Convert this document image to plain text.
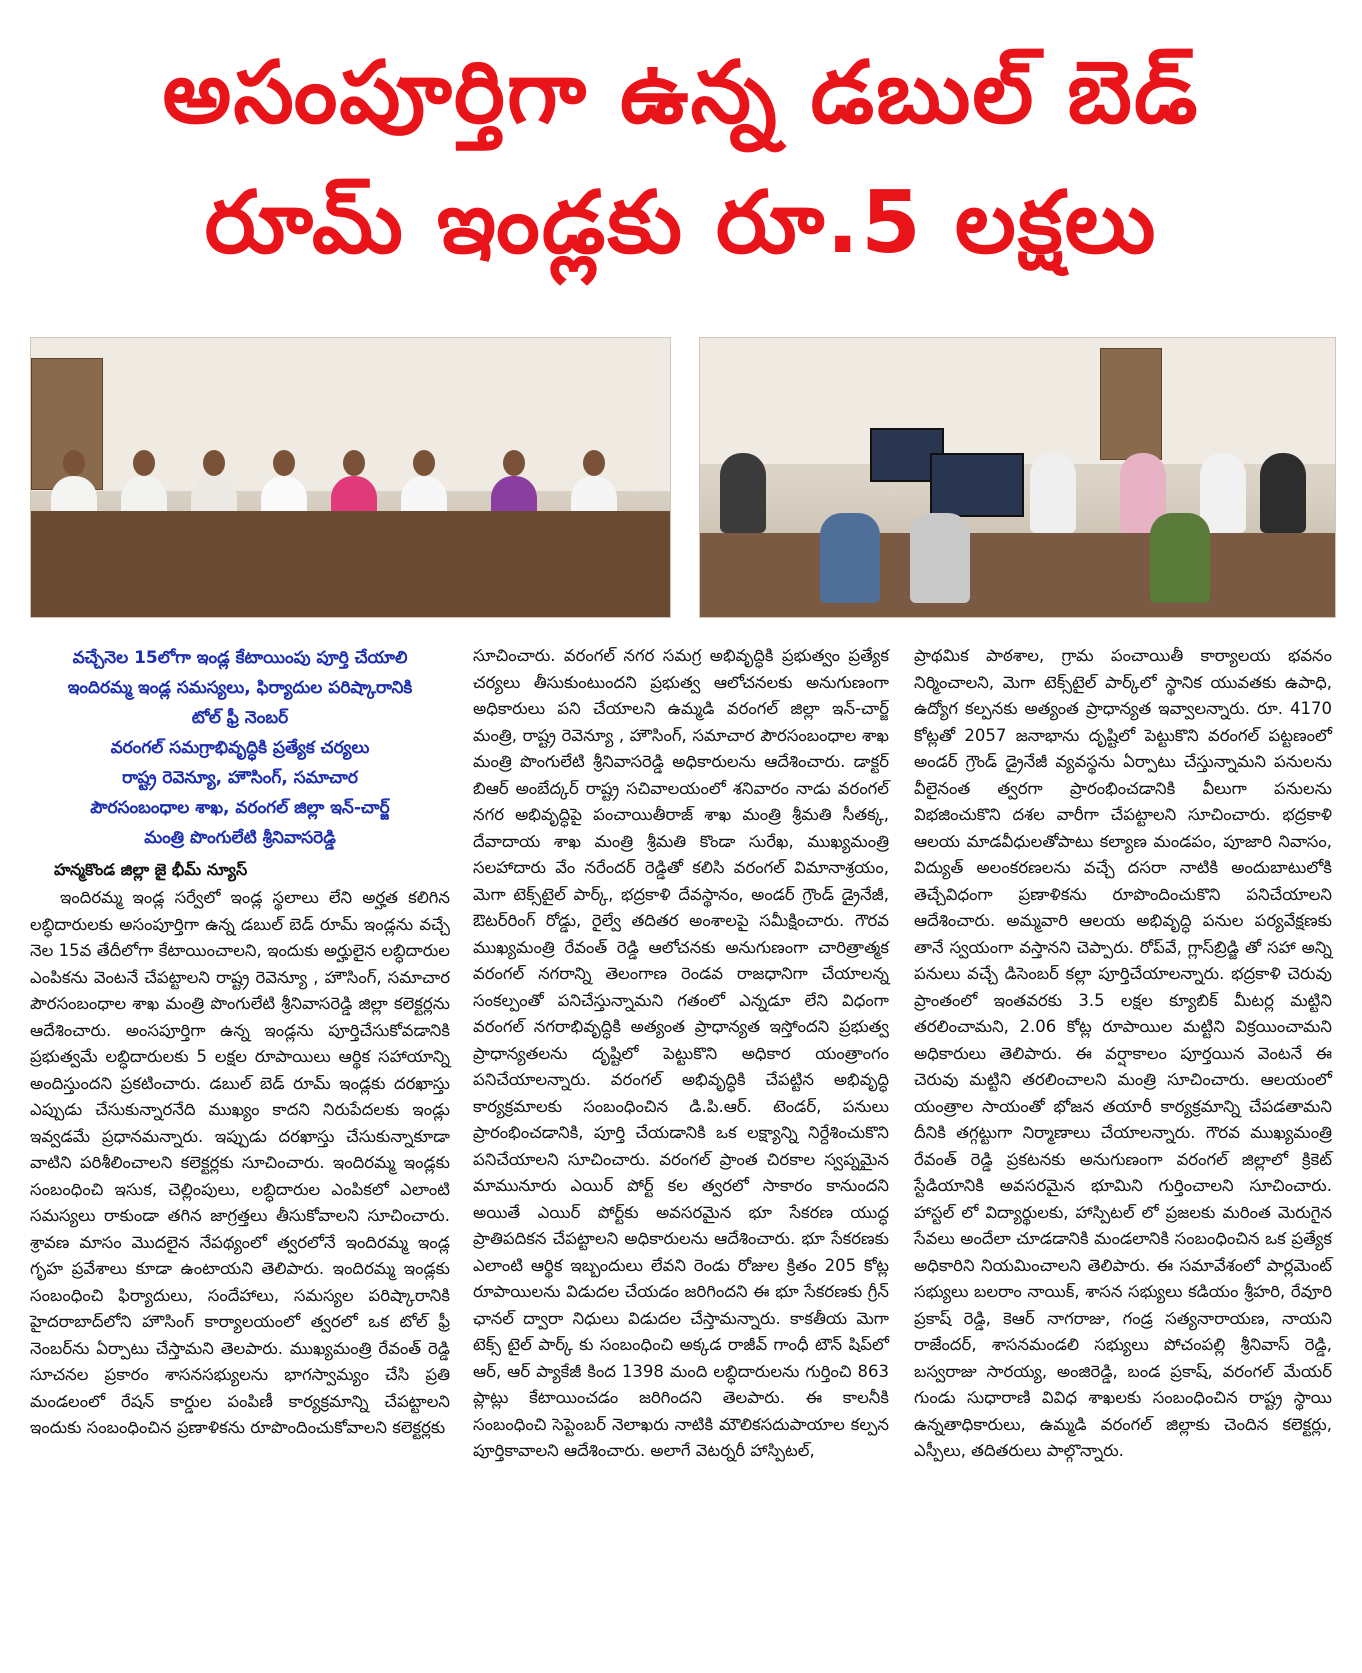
అసంపూర్తిగా ఉన్న డబుల్ బెడ్
రూమ్ ఇండ్లకు రూ.5 లక్షలు
వచ్చేనెల 15లోగా ఇండ్ల కేటాయింపు పూర్తి చేయాలి
ఇందిరమ్మ ఇండ్ల సమస్యలు, ఫిర్యాదుల పరిష్కారానికి
టోల్ ఫ్రీ నెంబర్
వరంగల్ సమగ్రాభివృద్ధికి ప్రత్యేక చర్యలు
రాష్ట్ర రెవెన్యూ, హౌసింగ్, సమాచార
పౌరసంబంధాల శాఖ, వరంగల్ జిల్లా ఇన్-చార్జ్
మంత్రి పొంగులేటి శ్రీనివాసరెడ్డి
హన్మకొండ జిల్లా జై భీమ్ న్యూస్

ఇందిరమ్మ ఇండ్ల సర్వేలో ఇండ్ల స్థలాలు లేని అర్హత కలిగిన లబ్ధిదారులకు అసంపూర్తిగా ఉన్న డబుల్ బెడ్ రూమ్ ఇండ్లను వచ్చే నెల 15వ తేదీలోగా కేటాయించాలని, ఇందుకు అర్హులైన లబ్ధిదారుల ఎంపికను వెంటనే చేపట్టాలని రాష్ట్ర రెవెన్యూ , హౌసింగ్, సమాచార పౌరసంబంధాల శాఖ మంత్రి పొంగులేటి శ్రీనివాసరెడ్డి జిల్లా కలెక్టర్లను ఆదేశించారు. అంసపూర్తిగా ఉన్న ఇండ్లను పూర్తిచేసుకోవడానికి ప్రభుత్వమే లబ్ధిదారులకు 5 లక్షల రూపాయిలు ఆర్థిక సహాయాన్ని అందిస్తుందని ప్రకటించారు. డబుల్ బెడ్ రూమ్ ఇండ్లకు దరఖాస్తు ఎప్పుడు చేసుకున్నారనేది ముఖ్యం కాదని నిరుపేదలకు ఇండ్లు ఇవ్వడమే ప్రధానమన్నారు. ఇప్పుడు దరఖాస్తు చేసుకున్నాకూడా వాటిని పరిశీలించాలని కలెక్టర్లకు సూచించారు. ఇందిరమ్మ ఇండ్లకు సంబంధించి ఇసుక, చెల్లింపులు, లబ్ధిదారుల ఎంపికలో ఎలాంటి సమస్యలు రాకుండా తగిన జాగ్రత్తలు తీసుకోవాలని సూచించారు. శ్రావణ మాసం మొదలైన నేపథ్యంలో త్వరలోనే ఇందిరమ్మ ఇండ్ల గృహ ప్రవేశాలు కూడా ఉంటాయని తెలిపారు. ఇందిరమ్మ ఇండ్లకు సంబంధించి ఫిర్యాదులు, సందేహాలు, సమస్యల పరిష్కారానికి హైదరాబాద్‌లోని హౌసింగ్ కార్యాలయంలో త్వరలో ఒక టోల్ ఫ్రీ నెంబర్‌ను ఏర్పాటు చేస్తామని తెలపారు. ముఖ్యమంత్రి రేవంత్ రెడ్డి సూచనల ప్రకారం శాసనసభ్యులను భాగస్వామ్యం చేసి ప్రతి మండలంలో రేషన్ కార్డుల పంపిణీ కార్యక్రమాన్ని చేపట్టాలని ఇందుకు సంబంధించిన ప్రణాళికను రూపొందించుకోవాలని కలెక్టర్లకు

సూచించారు. వరంగల్ నగర సమగ్ర అభివృద్ధికి ప్రభుత్వం ప్రత్యేక చర్యలు తీసుకుంటుందని ప్రభుత్వ ఆలోచనలకు అనుగుణంగా అధికారులు పని చేయాలని ఉమ్మడి వరంగల్ జిల్లా ఇన్-చార్జ్ మంత్రి, రాష్ట్ర రెవెన్యూ , హౌసింగ్, సమాచార పౌరసంబంధాల శాఖ మంత్రి పొంగులేటి శ్రీనివాసరెడ్డి అధికారులను ఆదేశించారు. డాక్టర్ బిఆర్ అంబేద్కర్ రాష్ట్ర సచివాలయంలో శనివారం నాడు వరంగల్ నగర అభివృద్ధిపై పంచాయితీరాజ్ శాఖ మంత్రి శ్రీమతి సీతక్క, దేవాదాయ శాఖ మంత్రి శ్రీమతి కొండా సురేఖ, ముఖ్యమంత్రి సలహాదారు వేం నరేందర్ రెడ్డితో కలిసి వరంగల్ విమానాశ్రయం, మెగా టెక్స్‌టైల్ పార్క్, భద్రకాళి దేవస్థానం, అండర్ గ్రౌండ్ డ్రైనేజీ, ఔటర్‌రింగ్ రోడ్డు, రైల్వే తదితర అంశాలపై సమీక్షించారు. గౌరవ ముఖ్యమంత్రి రేవంత్ రెడ్డి ఆలోచనకు అనుగుణంగా చారిత్రాత్మక వరంగల్ నగరాన్ని తెలంగాణ రెండవ రాజధానిగా చేయాలన్న సంకల్పంతో పనిచేస్తున్నామని గతంలో ఎన్నడూ లేని విధంగా వరంగల్ నగరాభివృద్ధికి అత్యంత ప్రాధాన్యత ఇస్తోందని ప్రభుత్వ ప్రాధాన్యతలను దృష్టిలో పెట్టుకొని అధికార యంత్రాంగం పనిచేయాలన్నారు. వరంగల్ అభివృద్ధికి చేపట్టిన అభివృద్ధి కార్యక్రమాలకు సంబంధించిన డి.పి.ఆర్. టెండర్, పనులు ప్రారంభించడానికి, పూర్తి చేయడానికి ఒక లక్ష్యాన్ని నిర్దేశించుకొని పనిచేయాలని సూచించారు. వరంగల్ ప్రాంత చిరకాల స్వప్నమైన మామునూరు ఎయిర్ పోర్ట్ కల త్వరలో సాకారం కానుందని అయితే ఎయిర్ పోర్ట్‌కు అవసరమైన భూ సేకరణ యుద్ధ ప్రాతిపదికన చేపట్టాలని అధికారులను ఆదేశించారు. భూ సేకరణకు ఎలాంటి ఆర్థిక ఇబ్బందులు లేవని రెండు రోజుల క్రితం 205 కోట్ల రూపాయిలను విడుదల చేయడం జరిగిందని ఈ భూ సేకరణకు గ్రీన్ ఛానల్ ద్వారా నిధులు విడుదల చేస్తామన్నారు. కాకతీయ మెగా టెక్స్ టైల్ పార్క్ కు సంబంధించి అక్కడ రాజీవ్ గాంధీ టౌన్ షిప్‌లో ఆర్, ఆర్ ప్యాకేజీ కింద 1398 మంది లబ్ధిదారులను గుర్తించి 863 ప్లాట్లు కేటాయించడం జరిగిందని తెలపారు. ఈ కాలనీకి సంబంధించి సెప్టెంబర్ నెలాఖరు నాటికి మౌలికసదుపాయాల కల్పన పూర్తికావాలని ఆదేశించారు. అలాగే వెటర్నరీ హాస్పిటల్,

ప్రాథమిక పాఠశాల, గ్రామ పంచాయితీ కార్యాలయ భవనం నిర్మించాలని, మెగా టెక్స్‌టైల్ పార్క్‌లో స్థానిక యువతకు ఉపాధి, ఉద్యోగ కల్పనకు అత్యంత ప్రాధాన్యత ఇవ్వాలన్నారు. రూ. 4170 కోట్లతో 2057 జనాభాను దృష్టిలో పెట్టుకొని వరంగల్ పట్టణంలో అండర్ గ్రౌండ్ డ్రైనేజీ వ్యవస్థను ఏర్పాటు చేస్తున్నామని పనులను వీలైనంత త్వరగా ప్రారంభించడానికి వీలుగా పనులను విభజించుకొని దశల వారీగా చేపట్టాలని సూచించారు. భద్రకాళి ఆలయ మాడవీధులతోపాటు కల్యాణ మండపం, పూజారి నివాసం, విద్యుత్ అలంకరణలను వచ్చే దసరా నాటికి అందుబాటులోకి తెచ్చేవిధంగా ప్రణాళికను రూపొందించుకొని పనిచేయాలని ఆదేశించారు. అమ్మవారి ఆలయ అభివృద్ధి పనుల పర్యవేక్షణకు తానే స్వయంగా వస్తానని చెప్పారు. రోప్‌వే, గ్లాస్‌బ్రిడ్జి తో సహా అన్ని పనులు వచ్చే డిసెంబర్ కల్లా పూర్తిచేయాలన్నారు. భద్రకాళి చెరువు ప్రాంతంలో ఇంతవరకు 3.5 లక్షల క్యూబిక్ మీటర్ల మట్టిని తరలించామని, 2.06 కోట్ల రూపాయిల మట్టిని విక్రయించామని అధికారులు తెలిపారు. ఈ వర్షాకాలం పూర్తయిన వెంటనే ఈ చెరువు మట్టిని తరలించాలని మంత్రి సూచించారు. ఆలయంలో యంత్రాల సాయంతో భోజన తయారీ కార్యక్రమాన్ని చేపడతామని దీనికి తగ్గట్టుగా నిర్మాణాలు చేయాలన్నారు. గౌరవ ముఖ్యమంత్రి రేవంత్ రెడ్డి ప్రకటనకు అనుగుణంగా వరంగల్ జిల్లాలో క్రికెట్ స్టేడియానికి అవసరమైన భూమిని గుర్తించాలని సూచించారు. హాస్టల్ లో విద్యార్థులకు, హాస్పిటల్ లో ప్రజలకు మరింత మెరుగైన సేవలు అందేలా చూడడానికి మండలానికి సంబంధించిన ఒక ప్రత్యేక అధికారిని నియమించాలని తెలిపారు. ఈ సమావేశంలో పార్లమెంట్ సభ్యులు బలరాం నాయిక్, శాసన సభ్యులు కడియం శ్రీహరి, రేవూరి ప్రకాష్ రెడ్డి, కెఆర్ నాగరాజు, గండ్ర సత్యనారాయణ, నాయని రాజేందర్, శాసనమండలి సభ్యులు పోచంపల్లి శ్రీనివాస్ రెడ్డి, బస్వరాజు సారయ్య, అంజిరెడ్డి, బండ ప్రకాష్, వరంగల్ మేయర్ గుండు సుధారాణి వివిధ శాఖలకు సంబంధించిన రాష్ట్ర స్థాయి ఉన్నతాధికారులు, ఉమ్మడి వరంగల్ జిల్లాకు చెందిన కలెక్టర్లు, ఎస్పీలు, తదితరులు పాల్గొన్నారు.
